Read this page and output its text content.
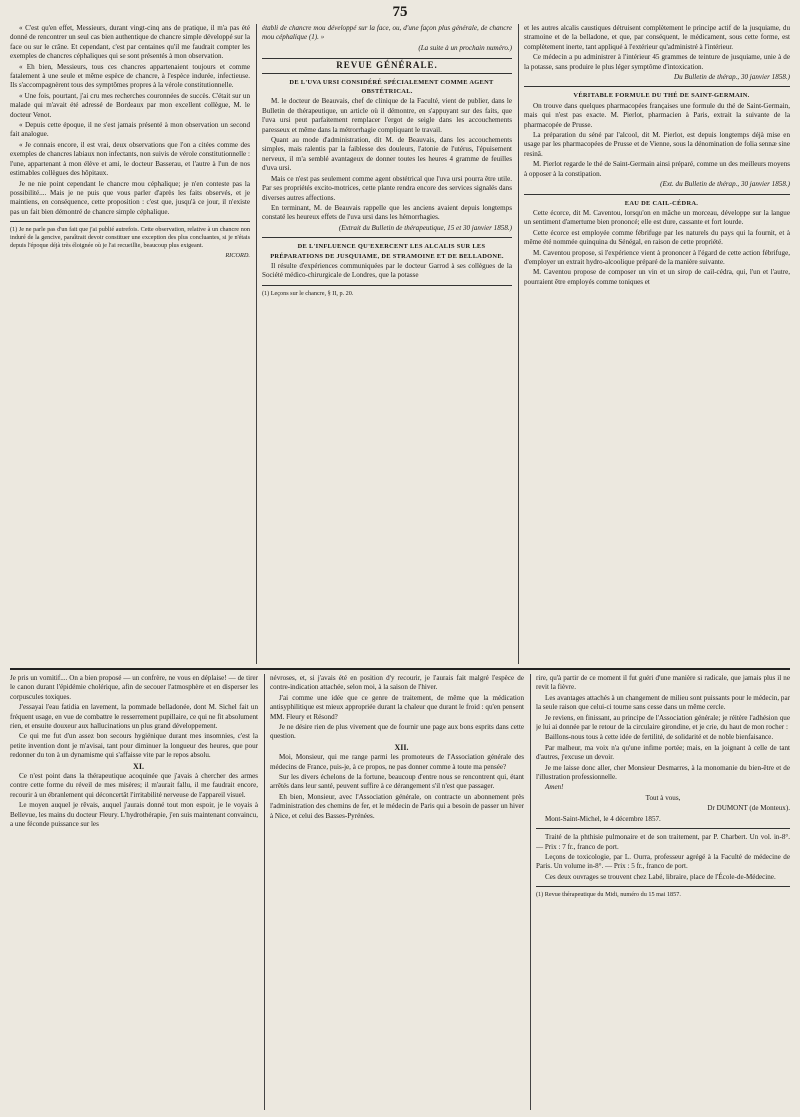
75

« C'est qu'en effet, Messieurs, durant vingt-cinq ans de pratique, il m'a pas été donné de rencontrer un seul cas bien authentique de chancre simple développé sur la face ou sur le crâne. Et cependant, c'est par centaines qu'il me faudrait compter les exemples de chancres céphaliques qui se sont présentés à mon observation.

« Eh bien, Messieurs, tous ces chancres appartenaient toujours et comme fatalement à une seule et même espèce de chancre, à l'espèce indurée, infectieuse. Ils s'accompagnèrent tous des symptômes propres à la vérole constitutionnelle.

« Une fois, pourtant, j'ai cru mes recherches couronnées de succès. C'était sur un malade qui m'avait été adressé de Bordeaux par mon excellent collègue, M. le docteur Venot.

« Depuis cette époque, il ne s'est jamais présenté à mon observation un second fait analogue.

« Je connais encore, il est vrai, deux observations que l'on a citées comme des exemples de chancres labiaux non infectants, non suivis de vérole constitutionnelle : l'une, appartenant à mon élève et ami, le docteur Basserau, et l'autre à l'un de nos estimables collègues des hôpitaux.

Je ne nie point cependant le chancre mou céphalique; je n'en conteste pas la possibilité.... Mais je ne puis que vous parler d'après les faits observés, et je maintiens, en conséquence, cette proposition : c'est que, jusqu'à ce jour, il n'existe pas un fait bien démontré de chancre simple céphalique.

(1) Je ne parle pas d'un fait que j'ai publié autrefois. Cette observation, relative à un chancre non induré de la gencive, paraîtrait devoir constituer une exception des plus concluantes, si je n'étais depuis l'époque déjà très éloignée où je l'ai recueillie, beaucoup plus exigeant.

RICORD.

établi de chancre mou développé sur la face, ou, d'une façon plus générale, de chancre mou céphalique (1). »

(La suite à un prochain numéro.)

REVUE GÉNÉRALE.

DE L'UVA URSI CONSIDÉRÉ SPÉCIALEMENT COMME AGENT OBSTÉTRICAL.

M. le docteur de Beauvais, chef de clinique de la Faculté, vient de publier, dans le Bulletin de thérapeutique, un article où il démontre, en s'appuyant sur des faits, que l'uva ursi peut parfaitement remplacer l'ergot de seigle dans les accouchements paresseux et même dans la métrorrhagie compliquant le travail.

Quant au mode d'administration, dit M. de Beauvais, dans les accouchements simples, mais ralentis par la faiblesse des douleurs, l'atonie de l'utérus, l'épuisement nerveux, il m'a semblé avantageux de donner toutes les heures 4 gramme de feuilles d'uva ursi.

Mais ce n'est pas seulement comme agent obstétrical que l'uva ursi pourra être utile. Par ses propriétés excito-motrices, cette plante rendra encore des services signalés dans diverses autres affections.

En terminant, M. de Beauvais rappelle que les anciens avaient depuis longtemps constaté les heureux effets de l'uva ursi dans les hémorrhagies.

(Extrait du Bulletin de thérapeutique, 15 et 30 janvier 1858.)

DE L'INFLUENCE QU'EXERCENT LES ALCALIS SUR LES PRÉPARATIONS DE JUSQUIAME, DE STRAMOINE ET DE BELLADONE.

Il résulte d'expériences communiquées par le docteur Garrod à ses collègues de la Société médico-chirurgicale de Londres, que la potasse

(1) Leçons sur le chancre, § II, p. 20.

et les autres alcalis caustiques détruisent complètement le principe actif de la jusquiame, du stramoine et de la belladone, et que, par conséquent, le médicament, sous cette forme, est complètement inerte, tant appliqué à l'extérieur qu'administré à l'intérieur.

Ce médecin a pu administrer à l'intérieur 45 grammes de teinture de jusquiame, unie à de la potasse, sans produire le plus léger symptôme d'intoxication.

Du Bulletin de thérap., 30 janvier 1858.)

VÉRITABLE FORMULE DU THÉ DE SAINT-GERMAIN.

On trouve dans quelques pharmacopées françaises une formule du thé de Saint-Germain, mais qui n'est pas exacte. M. Pierlot, pharmacien à Paris, extrait la suivante de la pharmacopée de Prusse.

La préparation du séné par l'alcool, dit M. Pierlot, est depuis longtemps déjà mise en usage par les pharmacopées de Prusse et de Vienne, sous la dénomination de folia sennæ sine resinâ.

M. Pierlot regarde le thé de Saint-Germain ainsi préparé, comme un des meilleurs moyens à opposer à la constipation.

(Ext. du Bulletin de thérap., 30 janvier 1858.)

EAU DE CAIL-CÉDRA.

Cette écorce, dit M. Caventou, lorsqu'on en mâche un morceau, développe sur la langue un sentiment d'amertume bien prononcé; elle est dure, cassante et fort lourde.

Cette écorce est employée comme fébrifuge par les naturels du pays qui la fournit, et à même été nommée quinquina du Sénégal, en raison de cette propriété.

M. Caventou propose, si l'expérience vient à prononcer à l'égard de cette action fébrifuge, d'employer un extrait hydro-alcoolique préparé de la manière suivante.

M. Caventou propose de composer un vin et un sirop de cail-cédra, qui, l'un et l'autre, pourraient être employés comme toniques et

Je pris un vomitif.... On a bien proposé — un confrère, ne vous en déplaise! — de tirer le canon durant l'épidémie cholérique, afin de secouer l'atmosphère et en disperser les corpuscules toxiques.

J'essayai l'eau fatidia en lavement, la pommade belladonée, dont M. Sichel fait un fréquent usage, en vue de combattre le resserrement pupillaire, ce qui ne fit absolument rien, et ensuite douxeur aux hallucinations un plus grand développement.

Ce qui me fut d'un assez bon secours hygiénique durant mes insomnies, c'est la petite invention dont je m'avisai, tant pour diminuer la longueur des heures, que pour redonner du ton à un dynamisme qui s'affaisse vite par le repos absolu.

XI.

Ce n'est point dans la thérapeutique acoquinée que j'avais à chercher des armes contre cette forme du réveil de mes misères; il m'aurait fallu, il me faudrait encore, recourir à un ébranlement qui déconcertât l'irritabilité nerveuse de l'appareil visuel.

Le moyen auquel je rêvais, auquel j'aurais donné tout mon espoir, je le voyais à Bellevue, les mains du docteur Fleury. L'hydrothérapie, j'en suis maintenant convaincu, a une féconde puissance sur les

névroses, et, si j'avais été en position d'y recourir, je l'aurais fait malgré l'espèce de contre-indication attachée, selon moi, à la saison de l'hiver.

J'ai comme une idée que ce genre de traitement, de même que la médication antisyphilitique est mieux appropriée durant la chaleur que durant le froid : qu'en pensent MM. Fleury et Résond?

Je ne désire rien de plus vivement que de fournir une page aux bons esprits dans cette question.

XII.

Moi, Monsieur, qui me range parmi les promoteurs de l'Association générale des médecins de France, puis-je, à ce propos, ne pas donner comme à toute ma pensée?

Sur les divers échelons de la fortune, beaucoup d'entre nous se rencontrent qui, étant arrêtés dans leur santé, peuvent suffire à ce dérangement s'il n'est que passager.

Eh bien, Monsieur, avec l'Association générale, on contracte un abonnement près l'administration des chemins de fer, et le médecin de Paris qui a besoin de passer un hiver à Nice, et celui des Basses-Pyrénées.

rire, qu'à partir de ce moment il fut guéri d'une manière si radicale, que jamais plus il ne revit la fièvre.

Les avantages attachés à un changement de milieu sont puissants pour le médecin, par la seule raison que celui-ci tourne sans cesse dans un même cercle.

Je reviens, en finissant, au principe de l'Association générale; je réitère l'adhésion que je lui ai donnée par le retour de la circulaire girondine, et je crie, du haut de mon rocher :

Baillons-nous tous à cette idée de fertilité, de solidarité et de noble bienfaisance.

Par malheur, ma voix n'a qu'une infime portée; mais, en la joignant à celle de tant d'autres, j'excuse un devoir.

Je me laisse donc aller, cher Monsieur Desmarres, à la monomanie du bien-être et de l'illustration professionnelle.

Amen!

Tout à vous,

Dr DUMONT (de Monteux).

Mont-Saint-Michel, le 4 décembre 1857.

Traité de la phthisie pulmonaire et de son traitement, par P. Charbert. Un vol. in-8°. — Prix : 7 fr., franco de port.

Leçons de toxicologie, par L. Ourra, professeur agrégé à la Faculté de médecine de Paris. Un volume in-8°. — Prix : 5 fr., franco de port.

Ces deux ouvrages se trouvent chez Labé, libraire, place de l'École-de-Médecine.

(1) Revue thérapeutique du Midi, numéro du 15 mai 1857.
